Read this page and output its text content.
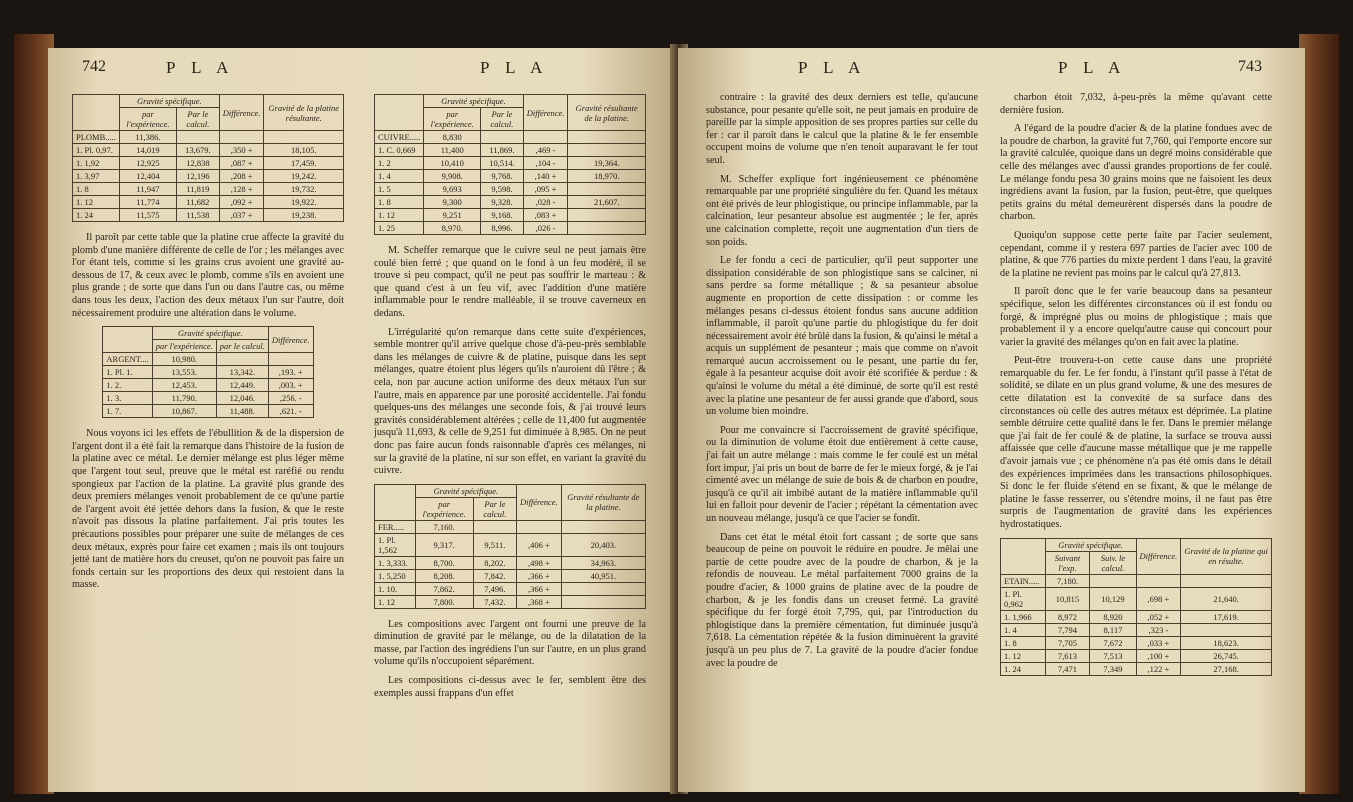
742	P L A	P L A
	Gravité spécifique.		Différence.	Gravité de la platine résultante.
	par l'expérience.	Par le calcul.		
PLOMB.....	11,386.			
1. Pl. 0,97.	14,019	13,679.	,350 +	18,105.
1. 1,92	12,925	12,838	,087 +	17,459.
1. 3,97	12,404	12,196	,208 +	19,242.
1. 8	11,947	11,819	,128 +	19,732.
1. 12	11,774	11,682	,092 +	19,922.
1. 24	11,575	11,538	,037 +	19,238.

Il paroît par cette table que la platine crue affecte la gravité du plomb d'une manière différente de celle de l'or ; les mélanges avec l'or étant tels, comme si les grains crus avoient une gravité au-dessous de 17, & ceux avec le plomb, comme s'ils en avoient une plus grande ; de sorte que dans l'un ou dans l'autre cas, ou même dans tous les deux, l'action des deux métaux l'un sur l'autre, doit nécessairement produire une altération dans le volume.

	Gravité spécifique.		Différence.
	par l'expérience.	par le calcul.	
ARGENT....	10,980.		
1. Pl. 1.	13,553.	13,342.	,193. +
1. 2.	12,453.	12,449.	,003. +
1. 3.	11,790.	12,046.	,256. -
1. 7.	10,867.	11,488.	,621. -

Nous voyons ici les effets de l'ébullition & de la dispersion de l'argent dont il a été fait la remarque dans l'histoire de la fusion de la platine avec ce métal. Le dernier mélange est plus léger même que l'argent tout seul, preuve que le métal est raréfié ou rendu spongieux par l'action de la platine. La gravité plus grande des deux premiers mélanges venoit probablement de ce qu'une partie de l'argent avoit été jettée dehors dans la fusion, & que le reste n'avoit pas dissous la platine parfaitement. J'ai pris toutes les précautions possibles pour préparer une suite de mélanges de ces deux métaux, exprès pour faire cet examen ; mais ils ont toujours jetté tant de matière hors du creuset, qu'on ne pouvoit pas faire un fonds certain sur les proportions des deux qui restoient dans la masse.

	Gravité spécifique.		Différence.	Gravité résultante de la platine.
	par l'expérience.	Par le calcul.		
CUIVRE.....	8,830			
1. C. 0,669	11,400	11,869.	,469 -	
1. 2	10,410	10,514.	,104 -	19,364.
1. 4	9,908.	9,768.	,140 +	18,970.
1. 5	9,693	9,598.	,095 +	
1. 8	9,300	9,328.	,028 -	21,607.
1. 12	9,251	9,168.	,083 +	
1. 25	8,970.	8,996.	,026 -	

M. Scheffer remarque que le cuivre seul ne peut jamais être coulé bien ferré ; que quand on le fond à un feu modéré, il se trouve si peu compact, qu'il ne peut pas souffrir le marteau : & que quand c'est à un feu vif, avec l'addition d'une matière inflammable pour le rendre malléable, il se trouve caverneux en dedans.

L'irrégularité qu'on remarque dans cette suite d'expériences, semble montrer qu'il arrive quelque chose d'à-peu-près semblable dans les mélanges de cuivre & de platine, puisque dans les sept mélanges, quatre étoient plus légers qu'ils n'auroient dû l'être ; & cela, non par aucune action uniforme des deux métaux l'un sur l'autre, mais en apparence par une porosité accidentelle. J'ai fondu quelques-uns des mélanges une seconde fois, & j'ai trouvé leurs gravités considérablement altérées ; celle de 11,400 fut augmentée jusqu'à 11,693, & celle de 9,251 fut diminuée à 8,985. On ne peut donc pas faire aucun fonds raisonnable d'après ces mélanges, ni sur la gravité de la platine, ni sur son effet, en variant la gravité du cuivre.

	Gravité spécifique.		Différence.	Gravité résultante de la platine.
	par l'expérience.	Par le calcul.		
FER.....	7,160.			
1. Pl. 1,562	9,317.	9,511.	,406 +	20,403.
1. 3,333.	8,700.	8,202.	,498 +	34,963.
1. 5,250	8,208.	7,842.	,366 +	40,951.
1. 10.	7,862.	7,496.	,366 +	
1. 12	7,800.	7,432.	,368 +	

Les compositions avec l'argent ont fourni une preuve de la diminution de gravité par le mélange, ou de la dilatation de la masse, par l'action des ingrédiens l'un sur l'autre, en un plus grand volume qu'ils n'occupoient séparément.

Les compositions ci-dessus avec le fer, semblent être des exemples aussi frappans d'un effet

P L A	P L A	743

contraire : la gravité des deux derniers est telle, qu'aucune substance, pour pesante qu'elle soit, ne peut jamais en produire de pareille par la simple apposition de ses propres parties sur celle du fer : car il paroît dans le calcul que la platine & le fer ensemble occupent moins de volume que n'en tenoit auparavant le fer tout seul.

M. Scheffer explique fort ingénieusement ce phénomène remarquable par une propriété singulière du fer. Quand les métaux ont été privés de leur phlogistique, ou principe inflammable, par la calcination, leur pesanteur absolue est augmentée ; le fer, après une calcination complette, reçoit une augmentation d'un tiers de son poids.

Le fer fondu a ceci de particulier, qu'il peut supporter une dissipation considérable de son phlogistique sans se calciner, ni sans perdre sa forme métallique ; & sa pesanteur absolue augmente en proportion de cette dissipation : or comme les mélanges pesans ci-dessus étoient fondus sans aucune addition inflammable, il paroît qu'une partie du phlogistique du fer doit nécessairement avoir été brûlé dans la fusion, & qu'ainsi le métal a acquis un supplément de pesanteur ; mais que comme on n'avoit remarqué aucun accroissement ou le pesant, une partie du fer, égale à la pesanteur acquise doit avoir été scorifiée & perdue : & qu'ainsi le volume du métal a été diminué, de sorte qu'il est resté avec la platine une pesanteur de fer aussi grande que d'abord, sous un volume bien moindre.

Pour me convaincre si l'accroissement de gravité spécifique, ou la diminution de volume étoit due entièrement à cette cause, j'ai fait un autre mélange : mais comme le fer coulé est un métal fort impur, j'ai pris un bout de barre de fer le mieux forgé, & je l'ai cimenté avec un mélange de suie de bois & de charbon en poudre, jusqu'à ce qu'il ait imbibé autant de la matière inflammable qu'il lui en falloit pour devenir de l'acier ; répétant la cémentation avec un nouveau mélange, jusqu'à ce que l'acier se fondît.

Dans cet état le métal étoit fort cassant ; de sorte que sans beaucoup de peine on pouvoit le réduire en poudre. Je mêlai une partie de cette poudre avec de la poudre de charbon, & je la refondis de nouveau. Le métal parfaitement 7000 grains de la poudre d'acier, & 1000 grains de platine avec de la poudre de charbon, & je les fondis dans un creuset fermé. La gravité spécifique du fer forgé étoit 7,795, qui, par l'introduction du phlogistique dans la première cémentation, fut diminuée jusqu'à 7,618. La cémentation répétée & la fusion diminuèrent la gravité jusqu'à un peu plus de 7. La gravité de la poudre d'acier fondue avec la poudre de

charbon étoit 7,032, à-peu-près la même qu'avant cette dernière fusion.

A l'égard de la poudre d'acier & de la platine fondues avec de la poudre de charbon, la gravité fut 7,760, qui l'emporte encore sur la gravité calculée, quoique dans un degré moins considérable que celle des mélanges avec d'aussi grandes proportions de fer coulé. Le mélange fondu pesa 30 grains moins que ne faisoient les deux ingrédiens avant la fusion, par la fusion, peut-être, que quelques petits grains du métal demeurèrent dispersés dans la poudre de charbon.

Quoiqu'on suppose cette perte faite par l'acier seulement, cependant, comme il y restera 697 parties de l'acier avec 100 de platine, & que 776 parties du mixte perdent 1 dans l'eau, la gravité de la platine ne revient pas moins par le calcul qu'à 27,813.

Il paroît donc que le fer varie beaucoup dans sa pesanteur spécifique, selon les différentes circonstances où il est fondu ou forgé, & imprégné plus ou moins de phlogistique ; mais que probablement il y a encore quelqu'autre cause qui concourt pour varier la gravité des mélanges qu'on en fait avec la platine.

Peut-être trouvera-t-on cette cause dans une propriété remarquable du fer. Le fer fondu, à l'instant qu'il passe à l'état de solidité, se dilate en un plus grand volume, & une des mesures de cette dilatation est la convexité de sa surface dans des circonstances où celle des autres métaux est déprimée. La platine semble détruire cette qualité dans le fer. Dans le premier mélange que j'ai fait de fer coulé & de platine, la surface se trouva aussi affaissée que celle d'aucune masse métallique que je me rappelle d'avoir jamais vue ; ce phénomène n'a pas été omis dans le détail des expériences imprimées dans les transactions philosophiques. Si donc le fer fluide s'étend en se fixant, & que le mélange de platine le fasse resserrer, ou s'étendre moins, il ne faut pas être surpris de l'augmentation de gravité dans les expériences hydrostatiques.

	Gravité spécifique.		Différence.	Gravité de la platine qui en résulte.
	Suivant l'exp.	Suiv. le calcul.		
ETAIN.....	7,180.			
1. Pl. 0,962	10,815	10,129	,698 +	21,640.
1. 1,966	8,972	8,920	,052 +	17,619.
1. 4	7,794	8,117	,323 -	
1. 8	7,705	7,672	,033 +	18,623.
1. 12	7,613	7,513	,100 +	26,745.
1. 24	7,471	7,349	,122 +	27,168.
